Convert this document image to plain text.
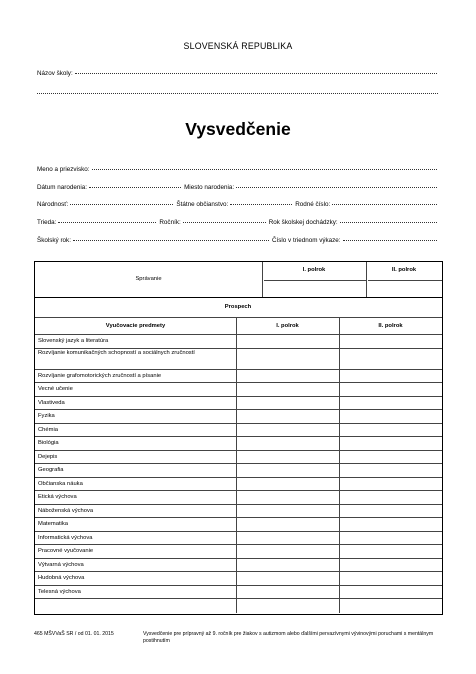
SLOVENSKÁ REPUBLIKA
Názov školy:
Vysvedčenie
Meno a priezvisko:
Dátum narodenia:	Miesto narodenia:
Národnosť:	Štátne občianstvo:	Rodné číslo:
Trieda:	Ročník:	Rok školskej dochádzky:
Školský rok:	Číslo v triednom výkaze:
Správanie
I. polrok	II. polrok
Prospech
Vyučovacie predmety	I. polrok	II. polrok
Slovenský jazyk a literatúra
Rozvíjanie komunikačných schopností a sociálnych zručností
Rozvíjanie grafomotorických zručností a písanie
Vecné učenie
Vlastiveda
Fyzika
Chémia
Biológia
Dejepis
Geografia
Občianska náuka
Etická výchova
Náboženská výchova
Matematika
Informatická výchova
Pracovné vyučovanie
Výtvarná výchova
Hudobná výchova
Telesná výchova
465 MŠVVaŠ SR / od 01. 01. 2015	Vysvedčenie pre prípravný až 9. ročník pre žiakov s autizmom alebo ďalšími pervazívnymi vývinovými poruchami s mentálnym postihnutím
